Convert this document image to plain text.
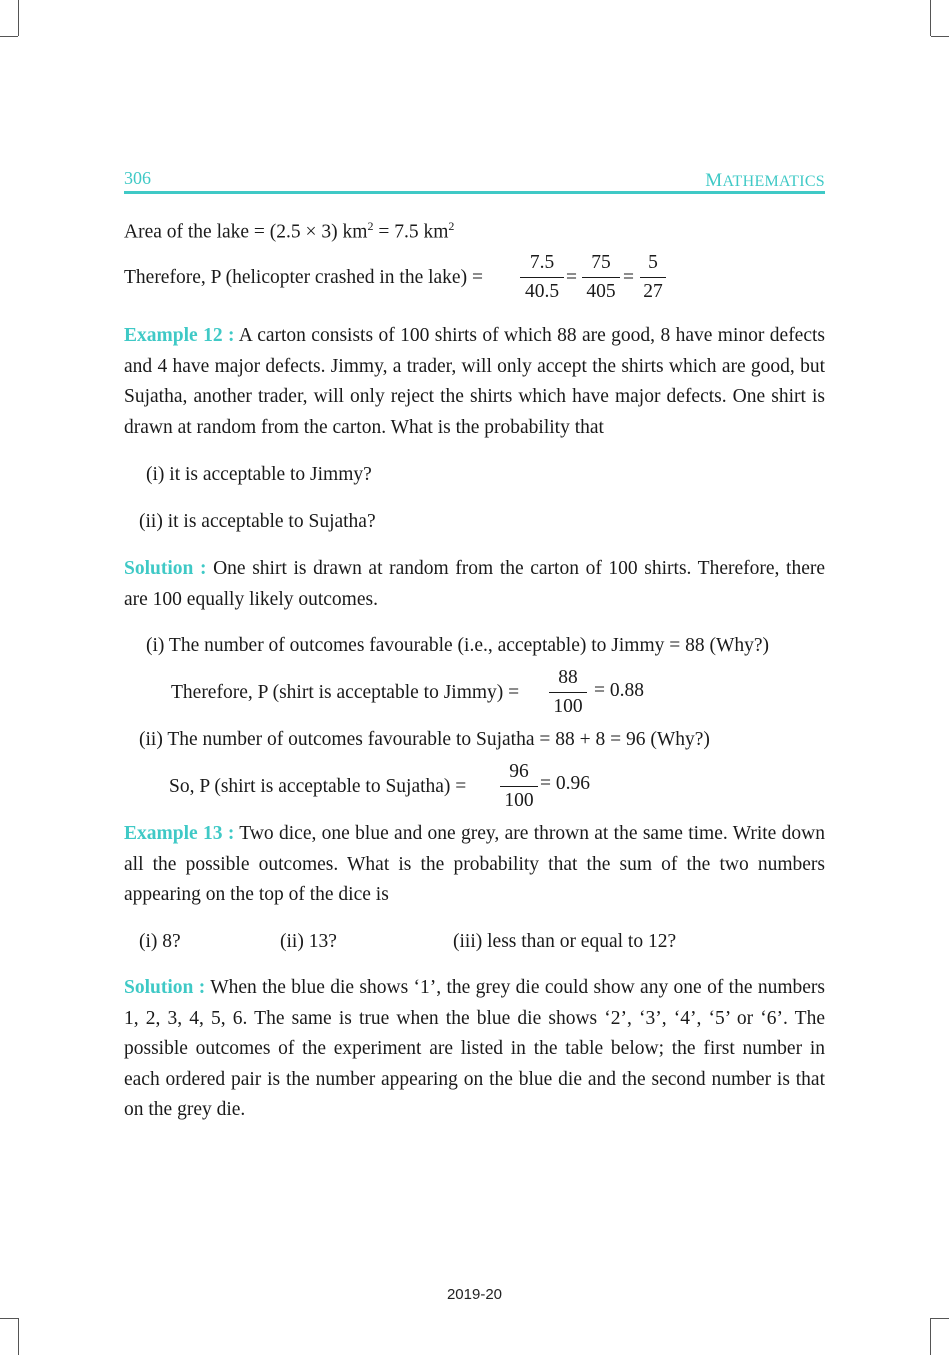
306	MATHEMATICS
Area of the lake = (2.5 × 3) $km^2 = 7.5$ $km^2$
Therefore, P (helicopter crashed in the lake) = $\frac{7.5}{40.5} = \frac{75}{405} = \frac{5}{27}$
Example 12 : A carton consists of 100 shirts of which 88 are good, 8 have minor defects and 4 have major defects. Jimmy, a trader, will only accept the shirts which are good, but Sujatha, another trader, will only reject the shirts which have major defects. One shirt is drawn at random from the carton. What is the probability that
(i) it is acceptable to Jimmy?
(ii) it is acceptable to Sujatha?
Solution : One shirt is drawn at random from the carton of 100 shirts. Therefore, there are 100 equally likely outcomes.
(i) The number of outcomes favourable (i.e., acceptable) to Jimmy = 88 (Why?)
Therefore, P (shirt is acceptable to Jimmy) = $\frac{88}{100} = 0.88$
(ii) The number of outcomes favourable to Sujatha = 88 + 8 = 96 (Why?)
So, P (shirt is acceptable to Sujatha) = $\frac{96}{100} = 0.96$
Example 13 : Two dice, one blue and one grey, are thrown at the same time. Write down all the possible outcomes. What is the probability that the sum of the two numbers appearing on the top of the dice is
(i) 8?	(ii) 13?	(iii) less than or equal to 12?
Solution : When the blue die shows ‘1’, the grey die could show any one of the numbers 1, 2, 3, 4, 5, 6. The same is true when the blue die shows ‘2’, ‘3’, ‘4’, ‘5’ or ‘6’. The possible outcomes of the experiment are listed in the table below; the first number in each ordered pair is the number appearing on the blue die and the second number is that on the grey die.
2019-20
